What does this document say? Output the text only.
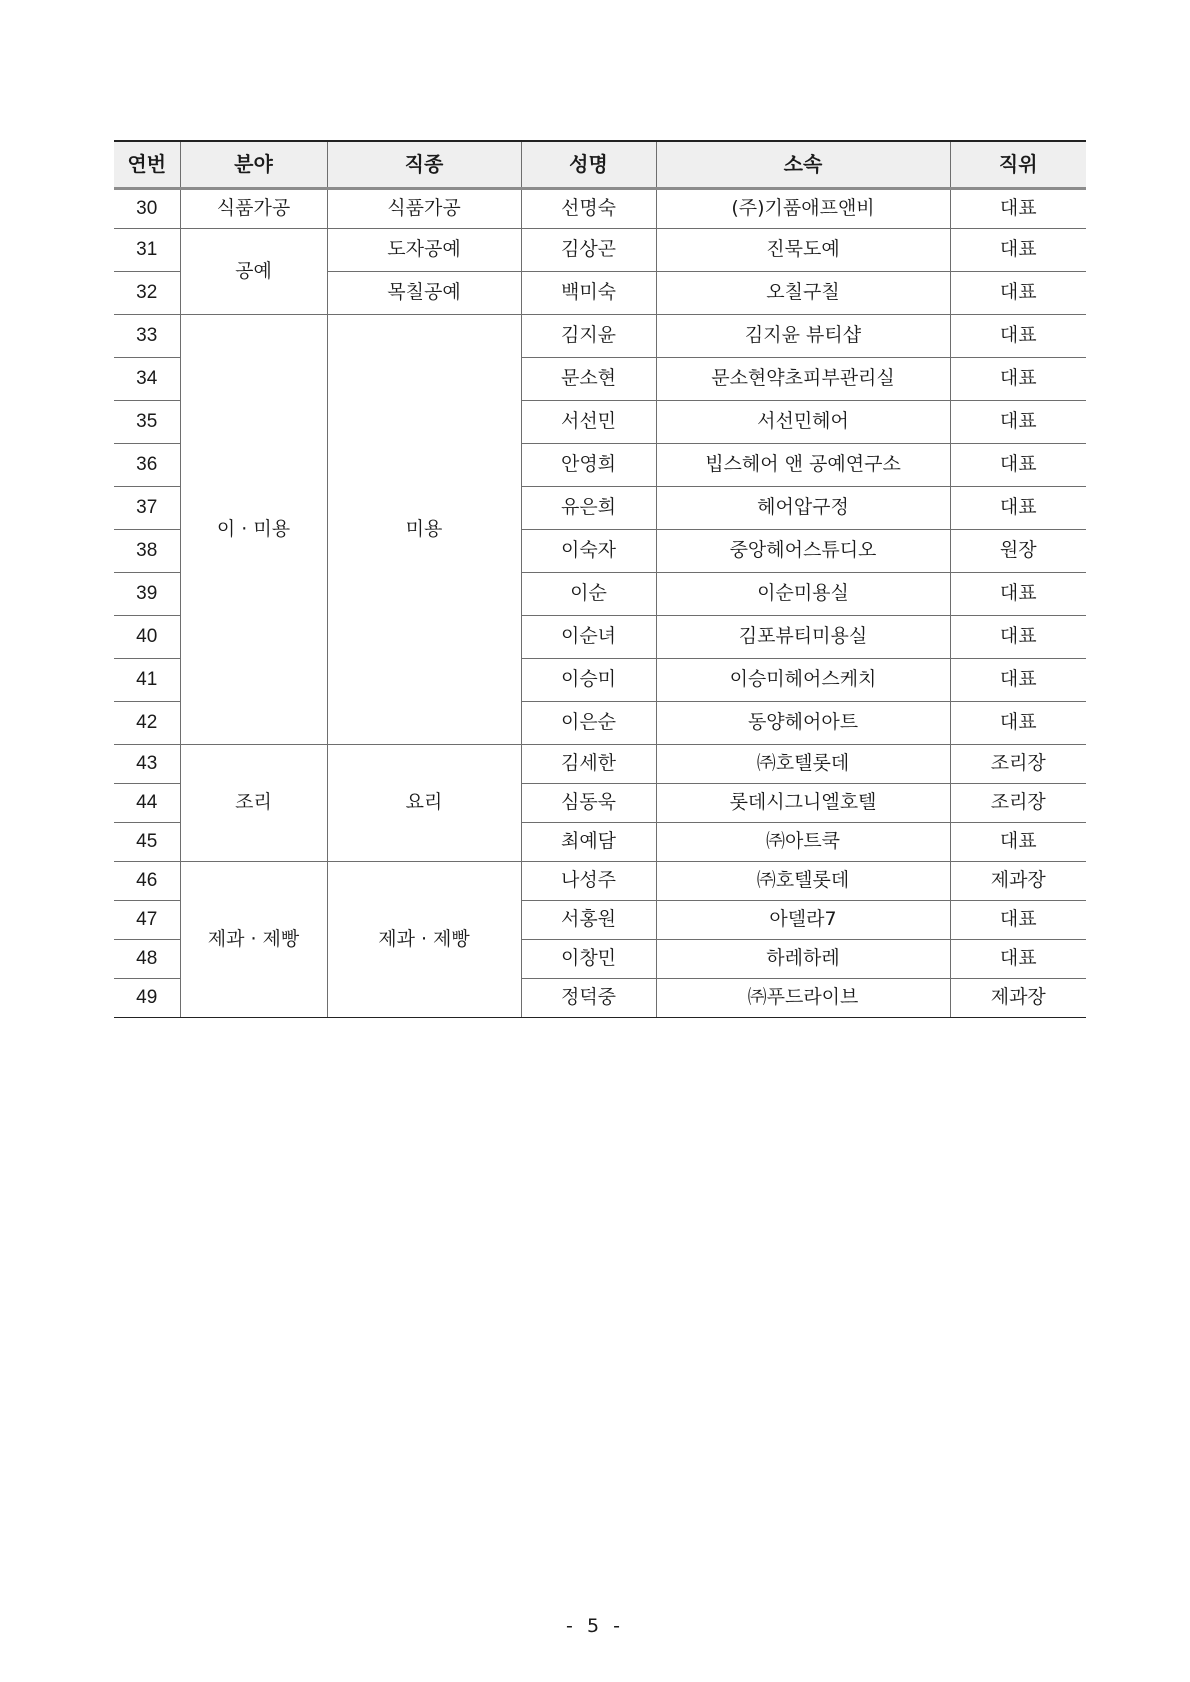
연번	분야	직종	성명	소속	직위
30	식품가공	식품가공	선명숙	(주)기품애프앤비	대표
31	공예	도자공예	김상곤	진묵도예	대표
32		목칠공예	백미숙	오칠구칠	대표
33	이 · 미용	미용	김지윤	김지윤 뷰티샵	대표
34			문소현	문소현약초피부관리실	대표
35			서선민	서선민헤어	대표
36			안영희	빕스헤어 앤 공예연구소	대표
37			유은희	헤어압구정	대표
38			이숙자	중앙헤어스튜디오	원장
39			이순	이순미용실	대표
40			이순녀	김포뷰티미용실	대표
41			이승미	이승미헤어스케치	대표
42			이은순	동양헤어아트	대표
43	조리	요리	김세한	㈜호텔롯데	조리장
44			심동욱	롯데시그니엘호텔	조리장
45			최예담	㈜아트쿡	대표
46	제과 · 제빵	제과 · 제빵	나성주	㈜호텔롯데	제과장
47			서홍원	아델라7	대표
48			이창민	하레하레	대표
49			정덕중	㈜푸드라이브	제과장
- 5 -
